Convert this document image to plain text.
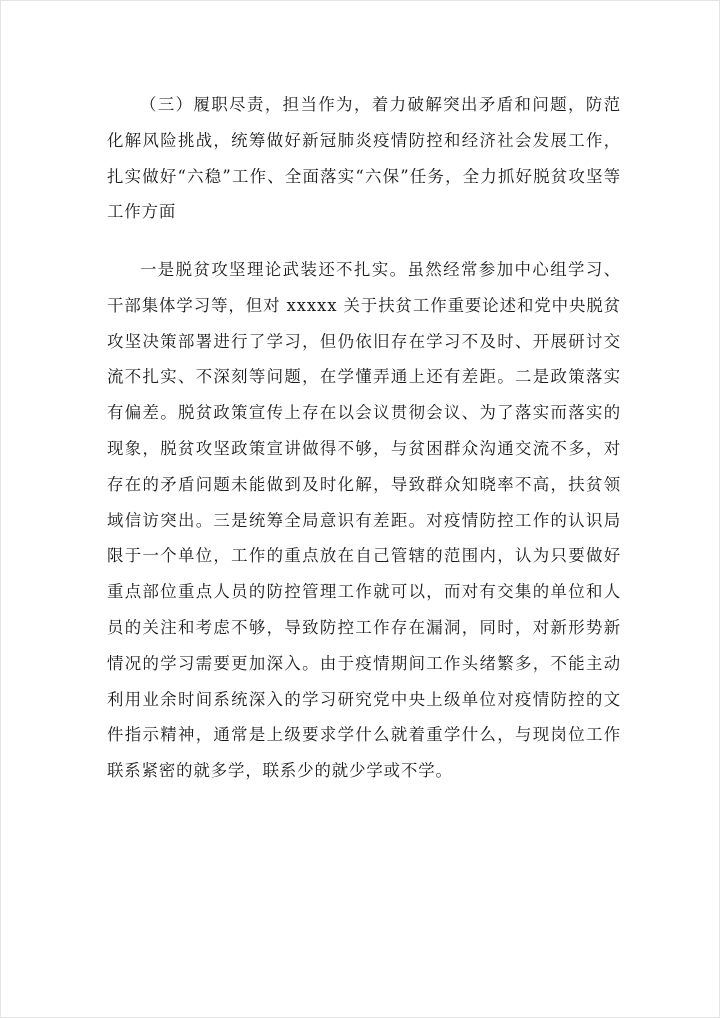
（三）履职尽责，担当作为，着力破解突出矛盾和问题，防范化解风险挑战，统筹做好新冠肺炎疫情防控和经济社会发展工作，扎实做好“六稳”工作、全面落实“六保”任务，全力抓好脱贫攻坚等工作方面

一是脱贫攻坚理论武装还不扎实。虽然经常参加中心组学习、干部集体学习等，但对 xxxxx 关于扶贫工作重要论述和党中央脱贫攻坚决策部署进行了学习，但仍依旧存在学习不及时、开展研讨交流不扎实、不深刻等问题，在学懂弄通上还有差距。二是政策落实有偏差。脱贫政策宣传上存在以会议贯彻会议、为了落实而落实的现象，脱贫攻坚政策宣讲做得不够，与贫困群众沟通交流不多，对存在的矛盾问题未能做到及时化解，导致群众知晓率不高，扶贫领域信访突出。三是统筹全局意识有差距。对疫情防控工作的认识局限于一个单位，工作的重点放在自己管辖的范围内，认为只要做好重点部位重点人员的防控管理工作就可以，而对有交集的单位和人员的关注和考虑不够，导致防控工作存在漏洞，同时，对新形势新情况的学习需要更加深入。由于疫情期间工作头绪繁多，不能主动利用业余时间系统深入的学习研究党中央上级单位对疫情防控的文件指示精神，通常是上级要求学什么就着重学什么，与现岗位工作联系紧密的就多学，联系少的就少学或不学。
